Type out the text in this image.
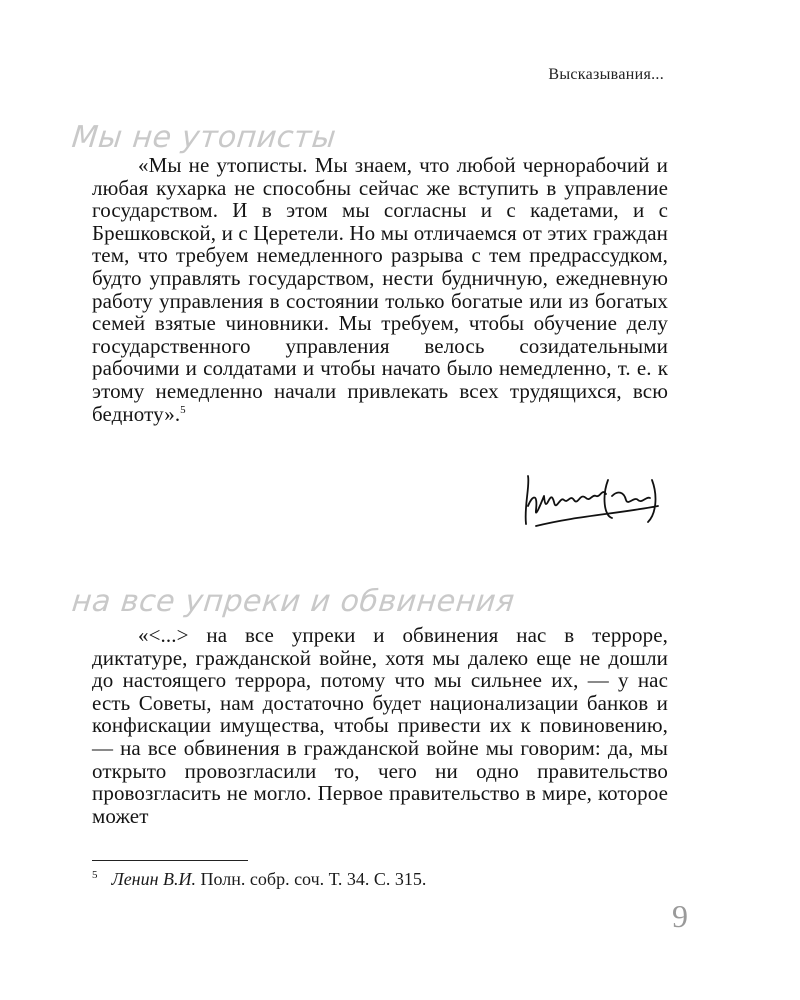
Высказывания...
Мы не утописты

«Мы не утописты. Мы знаем, что любой чернорабочий и любая кухарка не способны сейчас же вступить в управление государством. И в этом мы согласны и с кадетами, и с Брешковской, и с Церетели. Но мы отличаемся от этих граждан тем, что требуем немедленного разрыва с тем предрассудком, будто управлять государством, нести будничную, ежедневную работу управления в состоянии только богатые или из богатых семей взятые чиновники. Мы требуем, чтобы обучение делу государственного управления велось созидательными рабочими и солдатами и чтобы начато было немедленно, т. е. к этому немедленно начали привлекать всех трудящихся, всю бедноту».$^5$

на все упреки и обвинения

«<...> на все упреки и обвинения нас в терроре, диктатуре, гражданской войне, хотя мы далеко еще не дошли до настоящего террора, потому что мы сильнее их, — у нас есть Советы, нам достаточно будет национализации банков и конфискации имущества, чтобы привести их к повиновению, — на все обвинения в гражданской войне мы говорим: да, мы открыто провозгласили то, чего ни одно правительство провозгласить не могло. Первое правительство в мире, которое может

$^5$ Ленин В.И. Полн. собр. соч. Т. 34. С. 315.
9
